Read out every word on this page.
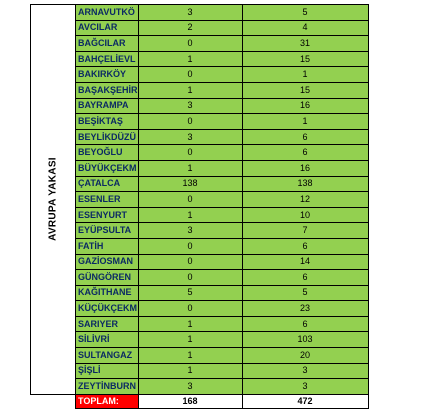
AVRUPA YAKASI	ARNAVUTKÖ	3	5
	AVCILAR	2	4
	BAĞCILAR	0	31
	BAHÇELİEVL	1	15
	BAKIRKÖY	0	1
	BAŞAKŞEHİR	1	15
	BAYRAMPA	3	16
	BEŞİKTAŞ	0	1
	BEYLİKDÜZÜ	3	6
	BEYOĞLU	0	6
	BÜYÜKÇEKM	1	16
	ÇATALCA	138	138
	ESENLER	0	12
	ESENYURT	1	10
	EYÜPSULTA	3	7
	FATİH	0	6
	GAZİOSMAN	0	14
	GÜNGÖREN	0	6
	KAĞITHANE	5	5
	KÜÇÜKÇEKM	0	23
	SARIYER	1	6
	SİLİVRİ	1	103
	SULTANGAZ	1	20
	ŞİŞLİ	1	3
	ZEYTİNBURN	3	3
	TOPLAM:	168	472
